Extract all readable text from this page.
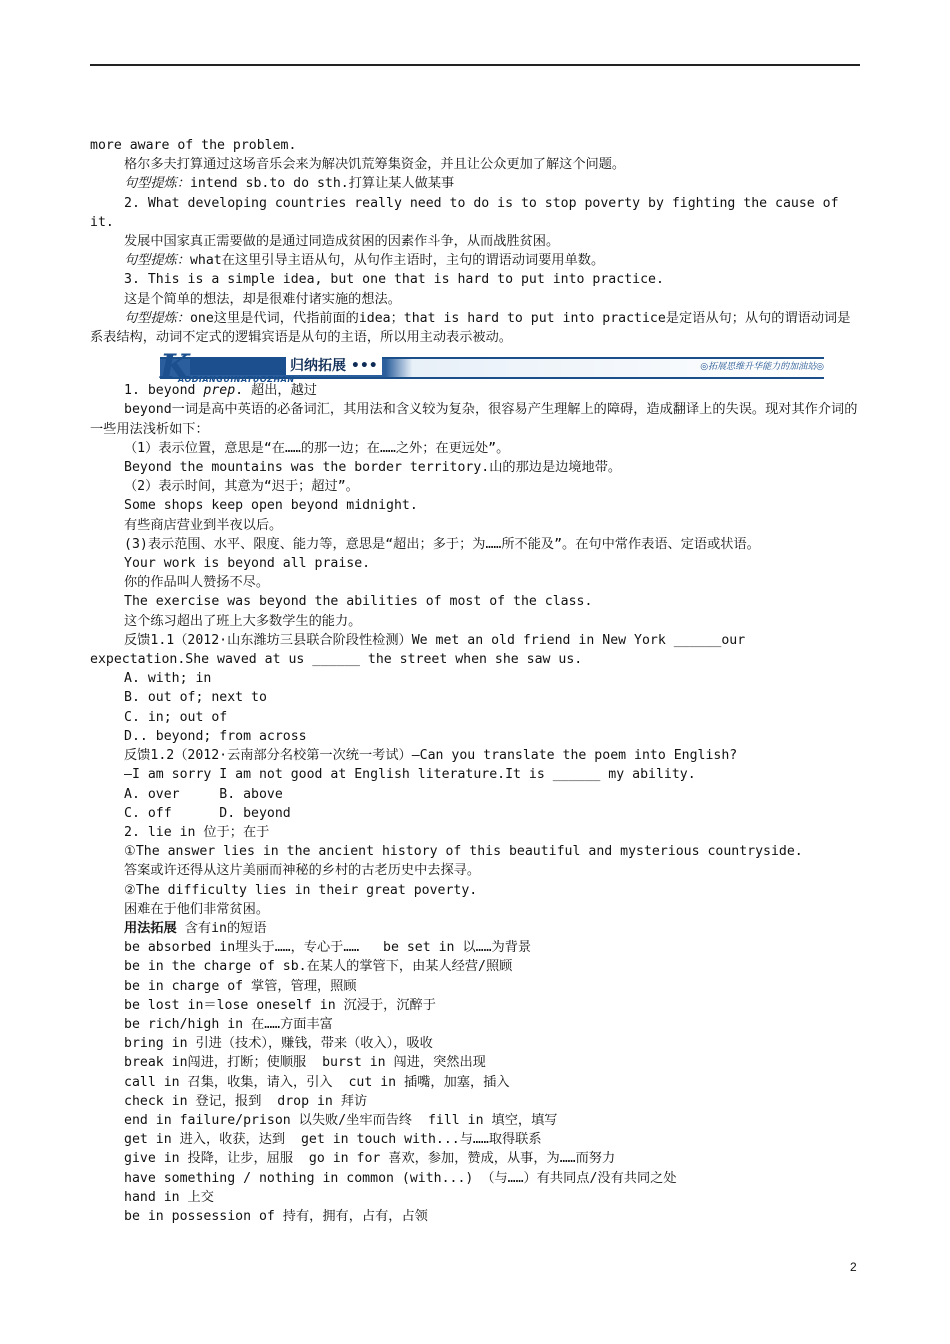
more aware of the problem.

格尔多夫打算通过这场音乐会来为解决饥荒筹集资金，并且让公众更加了解这个问题。

句型提炼：intend sb.to do sth.打算让某人做某事

2. What developing countries really need to do is to stop poverty by fighting the cause of it.

发展中国家真正需要做的是通过同造成贫困的因素作斗争，从而战胜贫困。

句型提炼：what在这里引导主语从句，从句作主语时，主句的谓语动词要用单数。

3. This is a simple idea, but one that is hard to put into practice.

这是个简单的想法，却是很难付诸实施的想法。

句型提炼：one这里是代词，代指前面的idea；that is hard to put into practice是定语从句；从句的谓语动词是系表结构，动词不定式的逻辑宾语是从句的主语，所以用主动表示被动。

K	归纳拓展 •••
AODIANGUINATUOZHAN
◎拓展思维升华能力的加油站◎

1. beyond prep. 超出，越过

beyond一词是高中英语的必备词汇，其用法和含义较为复杂，很容易产生理解上的障碍，造成翻译上的失误。现对其作介词的一些用法浅析如下：

（1）表示位置，意思是“在……的那一边；在……之外；在更远处”。

Beyond the mountains was the border territory.山的那边是边境地带。

（2）表示时间，其意为“迟于；超过”。

Some shops keep open beyond midnight.

有些商店营业到半夜以后。

(3)表示范围、水平、限度、能力等，意思是“超出；多于；为……所不能及”。在句中常作表语、定语或状语。

Your work is beyond all praise.

你的作品叫人赞扬不尽。

The exercise was beyond the abilities of most of the class.

这个练习超出了班上大多数学生的能力。

反馈1.1（2012·山东潍坊三县联合阶段性检测）We met an old friend in New York ______our expectation.She waved at us ______ the street when she saw us.

A. with; in

B. out of; next to

C. in; out of

D.. beyond; from across

反馈1.2（2012·云南部分名校第一次统一考试）—Can you translate the poem into English?

—I am sorry I am not good at English literature.It is ______ my ability.

A. over     B. above

C. off      D. beyond

2. lie in 位于；在于

①The answer lies in the ancient history of this beautiful and mysterious countryside.

答案或许还得从这片美丽而神秘的乡村的古老历史中去探寻。

②The difficulty lies in their great poverty.

困难在于他们非常贫困。

用法拓展 含有in的短语

be absorbed in埋头于……，专心于……   be set in 以……为背景

be in the charge of sb.在某人的掌管下，由某人经营/照顾

be in charge of 掌管，管理，照顾

be lost in＝lose oneself in 沉浸于，沉醉于

be rich/high in 在……方面丰富

bring in 引进（技术），赚钱，带来（收入），吸收

break in闯进，打断；使顺服  burst in 闯进，突然出现

call in 召集，收集，请入，引入  cut in 插嘴，加塞，插入

check in 登记，报到  drop in 拜访

end in failure/prison 以失败/坐牢而告终  fill in 填空，填写

get in 进入，收获，达到  get in touch with...与……取得联系

give in 投降，让步，屈服  go in for 喜欢，参加，赞成，从事，为……而努力

have something / nothing in common (with...) （与……）有共同点/没有共同之处

hand in 上交

be in possession of 持有，拥有，占有，占领

2
